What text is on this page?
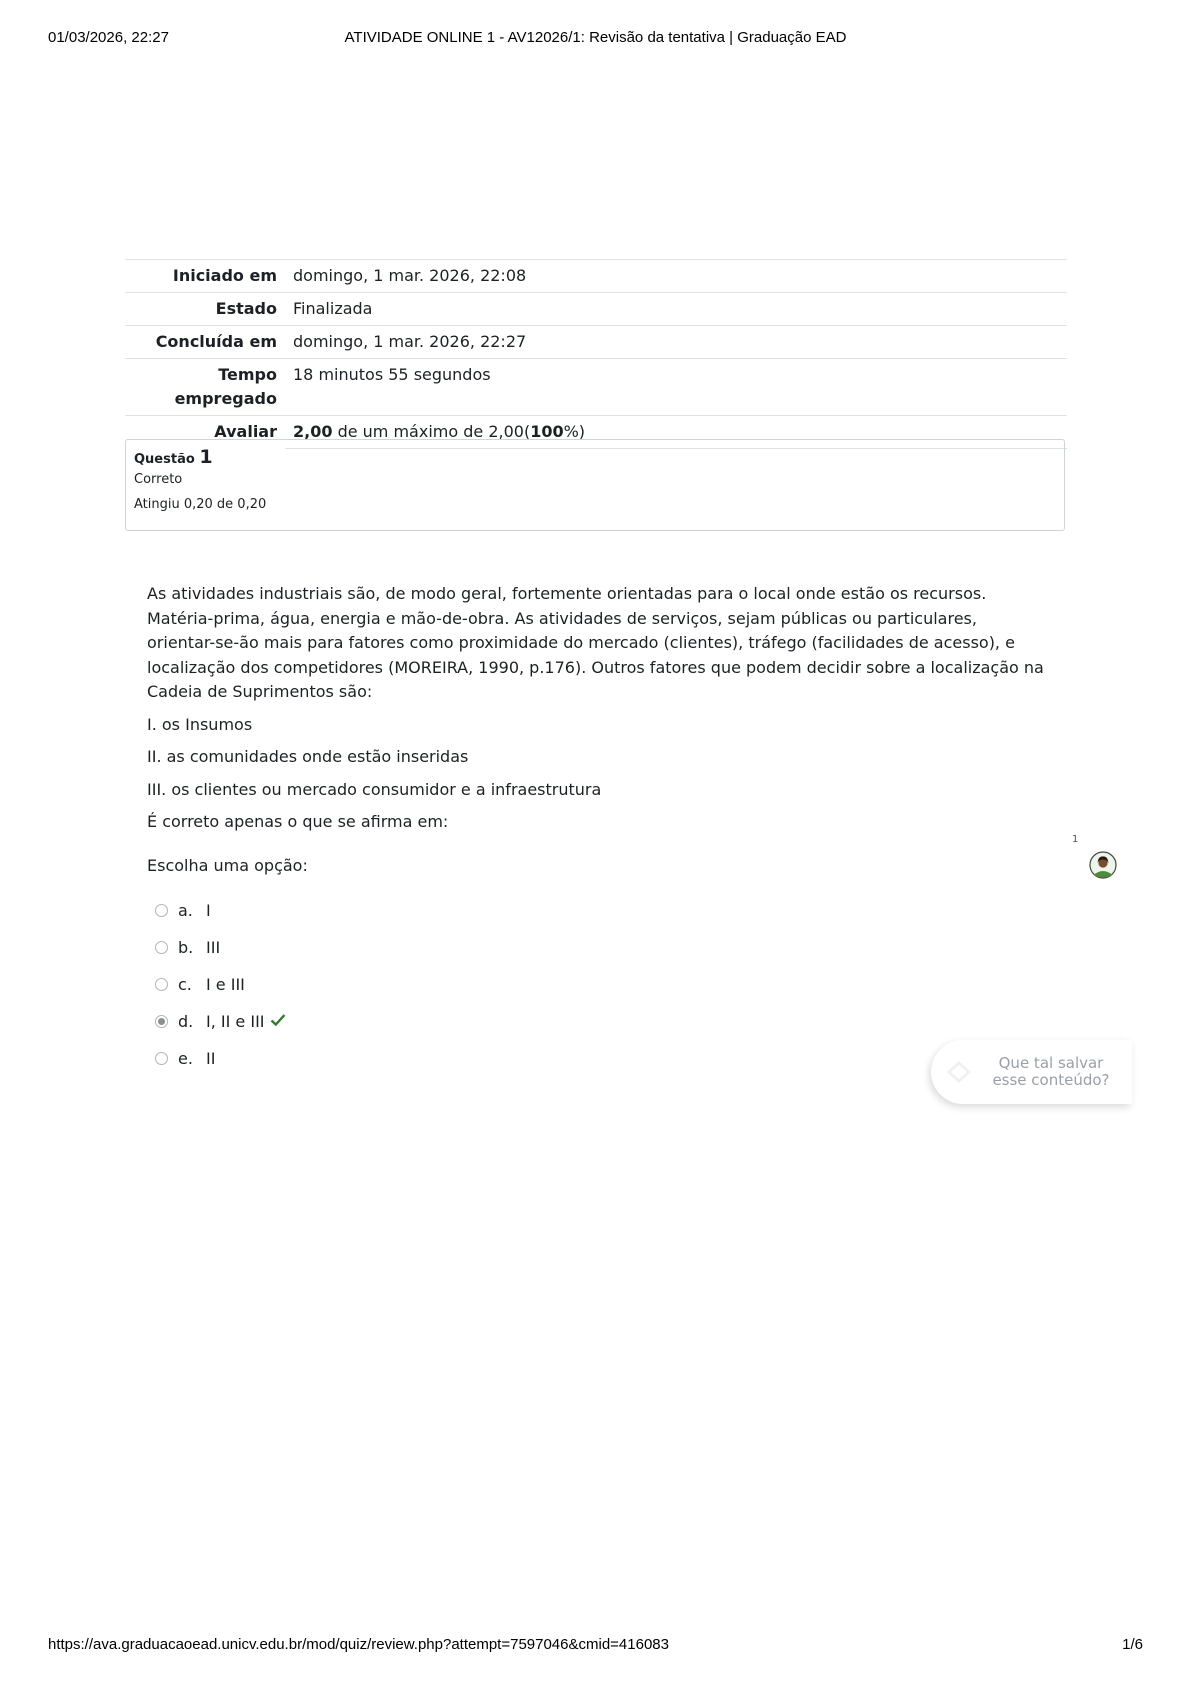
01/03/2026, 22:27	ATIVIDADE ONLINE 1 - AV12026/1: Revisão da tentativa | Graduação EAD
Iniciado em	domingo, 1 mar. 2026, 22:08
Estado	Finalizada
Concluída em	domingo, 1 mar. 2026, 22:27
Tempo
empregado	18 minutos 55 segundos
Avaliar	2,00 de um máximo de 2,00(100%)
Questão 1
Correto
Atingiu 0,20 de 0,20

As atividades industriais são, de modo geral, fortemente orientadas para o local onde estão os recursos. Matéria-prima, água, energia e mão-de-obra. As atividades de serviços, sejam públicas ou particulares, orientar-se-ão mais para fatores como proximidade do mercado (clientes), tráfego (facilidades de acesso), e localização dos competidores (MOREIRA, 1990, p.176). Outros fatores que podem decidir sobre a localização na Cadeia de Suprimentos são:

I. os Insumos

II. as comunidades onde estão inseridas

III. os clientes ou mercado consumidor e a infraestrutura

É correto apenas o que se afirma em:

Escolha uma opção:
a. I
b. III
c. I e III
d. I, II e III
e. II
1
Que tal salvar
esse conteúdo?
https://ava.graduacaoead.unicv.edu.br/mod/quiz/review.php?attempt=7597046&cmid=416083	1/6
